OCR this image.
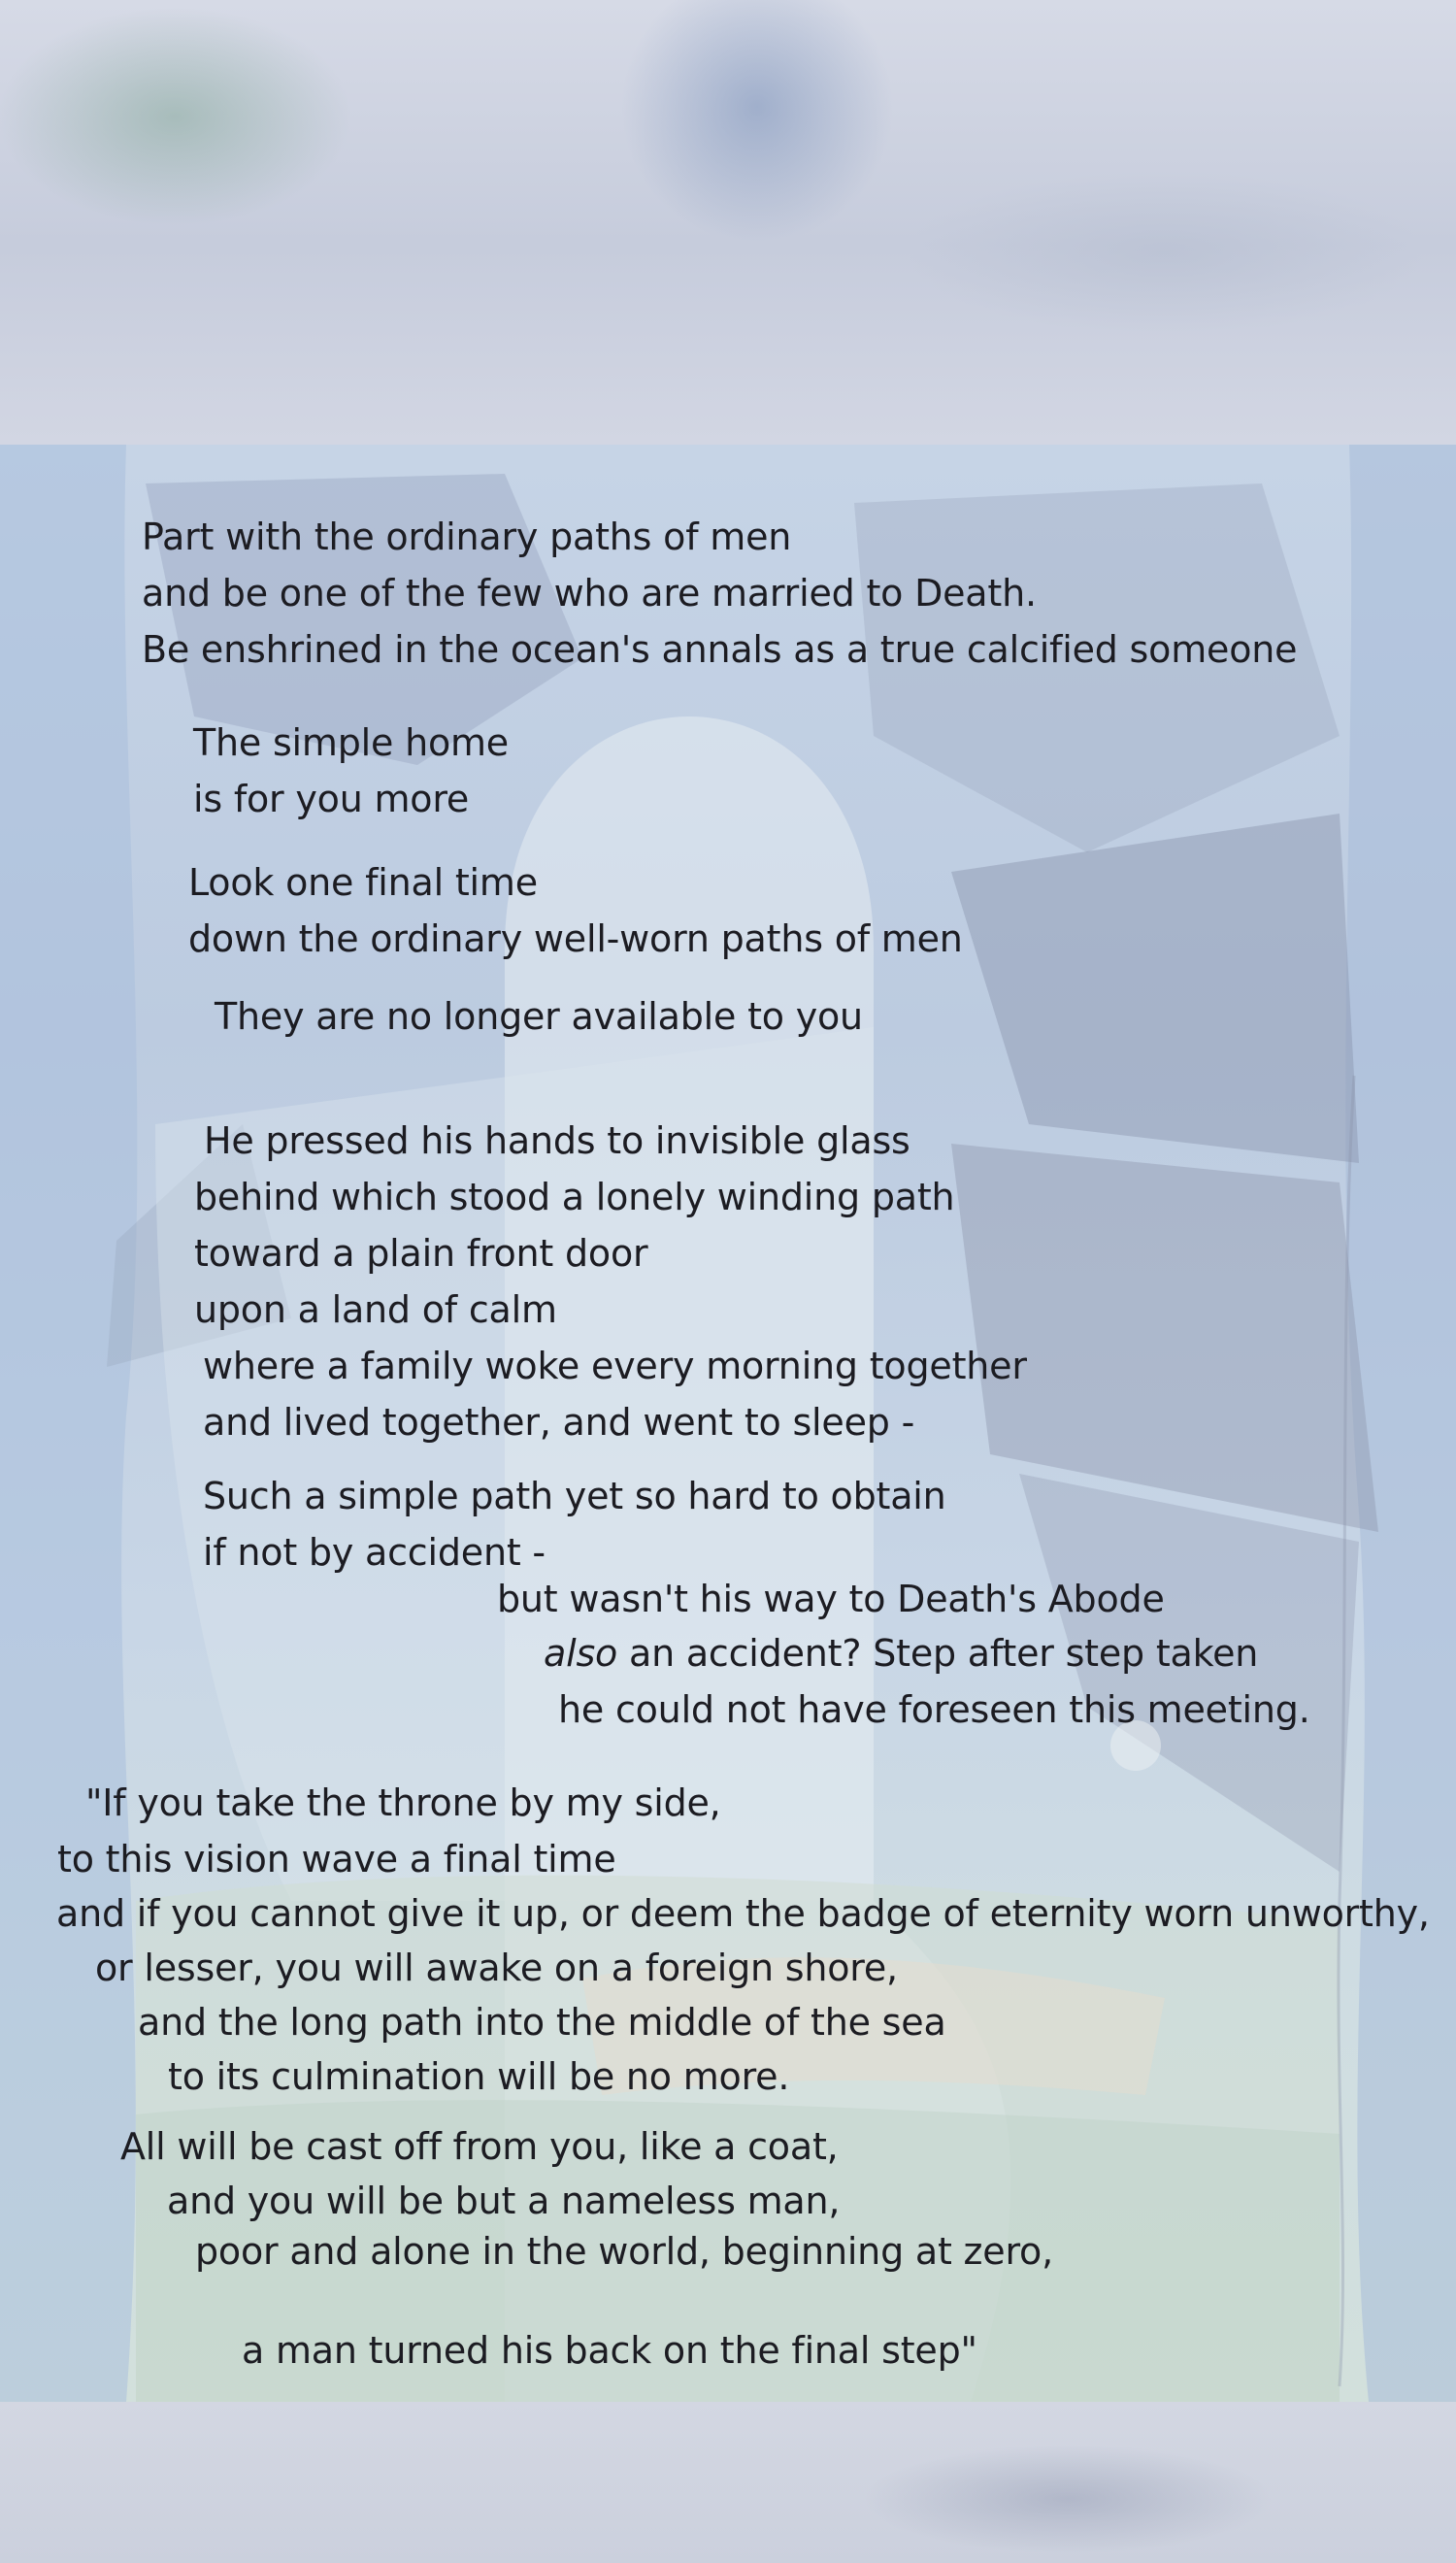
Part with the ordinary paths of men
and be one of the few who are married to Death.
Be enshrined in the ocean's annals as a true calcified someone
The simple home
is for you more
Look one final time
down the ordinary well-worn paths of men
They are no longer available to you
He pressed his hands to invisible glass
behind which stood a lonely winding path
toward a plain front door
upon a land of calm
where a family woke every morning together
and lived together, and went to sleep -
Such a simple path yet so hard to obtain
if not by accident -
but wasn't his way to Death's Abode
also an accident? Step after step taken
he could not have foreseen this meeting.
"If you take the throne by my side,
to this vision wave a final time
and if you cannot give it up, or deem the badge of eternity worn unworthy,
or lesser, you will awake on a foreign shore,
and the long path into the middle of the sea
to its culmination will be no more.
All will be cast off from you, like a coat,
and you will be but a nameless man,
poor and alone in the world, beginning at zero,
a man turned his back on the final step"
